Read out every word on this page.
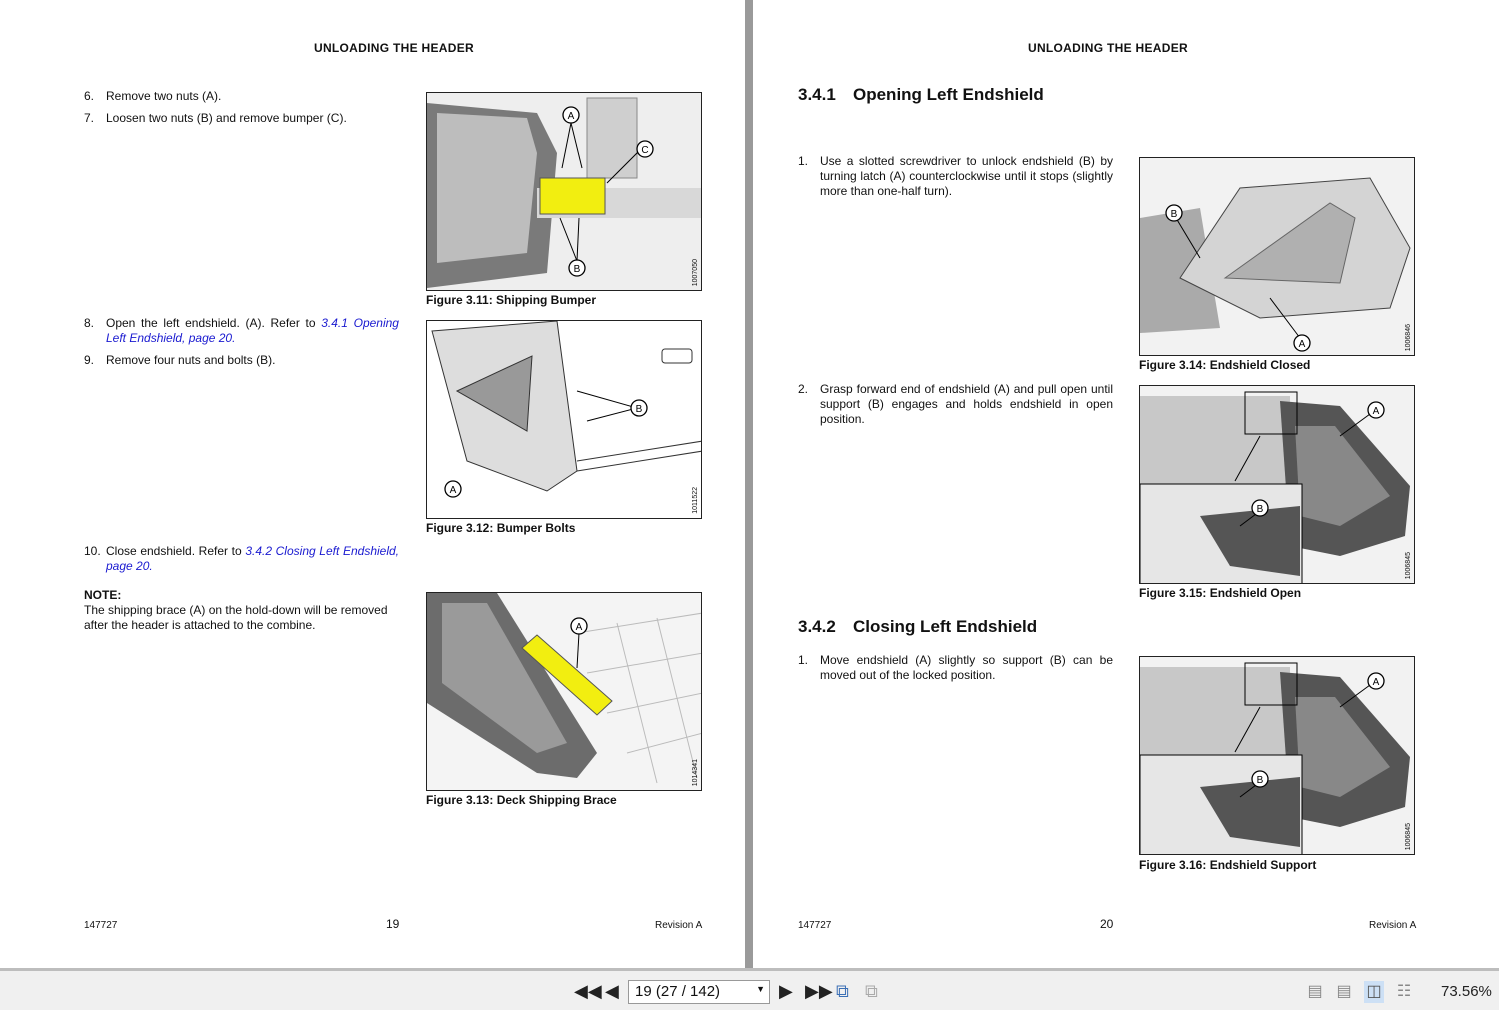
UNLOADING THE HEADER
6. Remove two nuts (A).
7. Loosen two nuts (B) and remove bumper (C).
8. Open the left endshield. (A). Refer to 3.4.1 Opening Left Endshield, page 20.
9. Remove four nuts and bolts (B).
10. Close endshield. Refer to 3.4.2 Closing Left Endshield, page 20.
NOTE:
The shipping brace (A) on the hold-down will be removed after the header is attached to the combine.
A
C
B	1007050
Figure 3.11: Shipping Bumper
B
A	1011522
Figure 3.12: Bumper Bolts
A
1014341
Figure 3.13: Deck Shipping Brace
147727	19	Revision A
UNLOADING THE HEADER
3.4.1 Opening Left Endshield
1. Use a slotted screwdriver to unlock endshield (B) by turning latch (A) counterclockwise until it stops (slightly more than one-half turn).
2. Grasp forward end of endshield (A) and pull open until support (B) engages and holds endshield in open position.
3.4.2 Closing Left Endshield
1. Move endshield (A) slightly so support (B) can be moved out of the locked position.
B
A	1006846
Figure 3.14: Endshield Closed
A
B
1006845
Figure 3.15: Endshield Open
A
B
1006845
Figure 3.16: Endshield Support
147727	20	Revision A
◀◀ ◀	19 (27 / 142)	▼ ▶ ▶▶ ⧉ ⧉	▤ ▤ ◫ ☷ 73.56%
